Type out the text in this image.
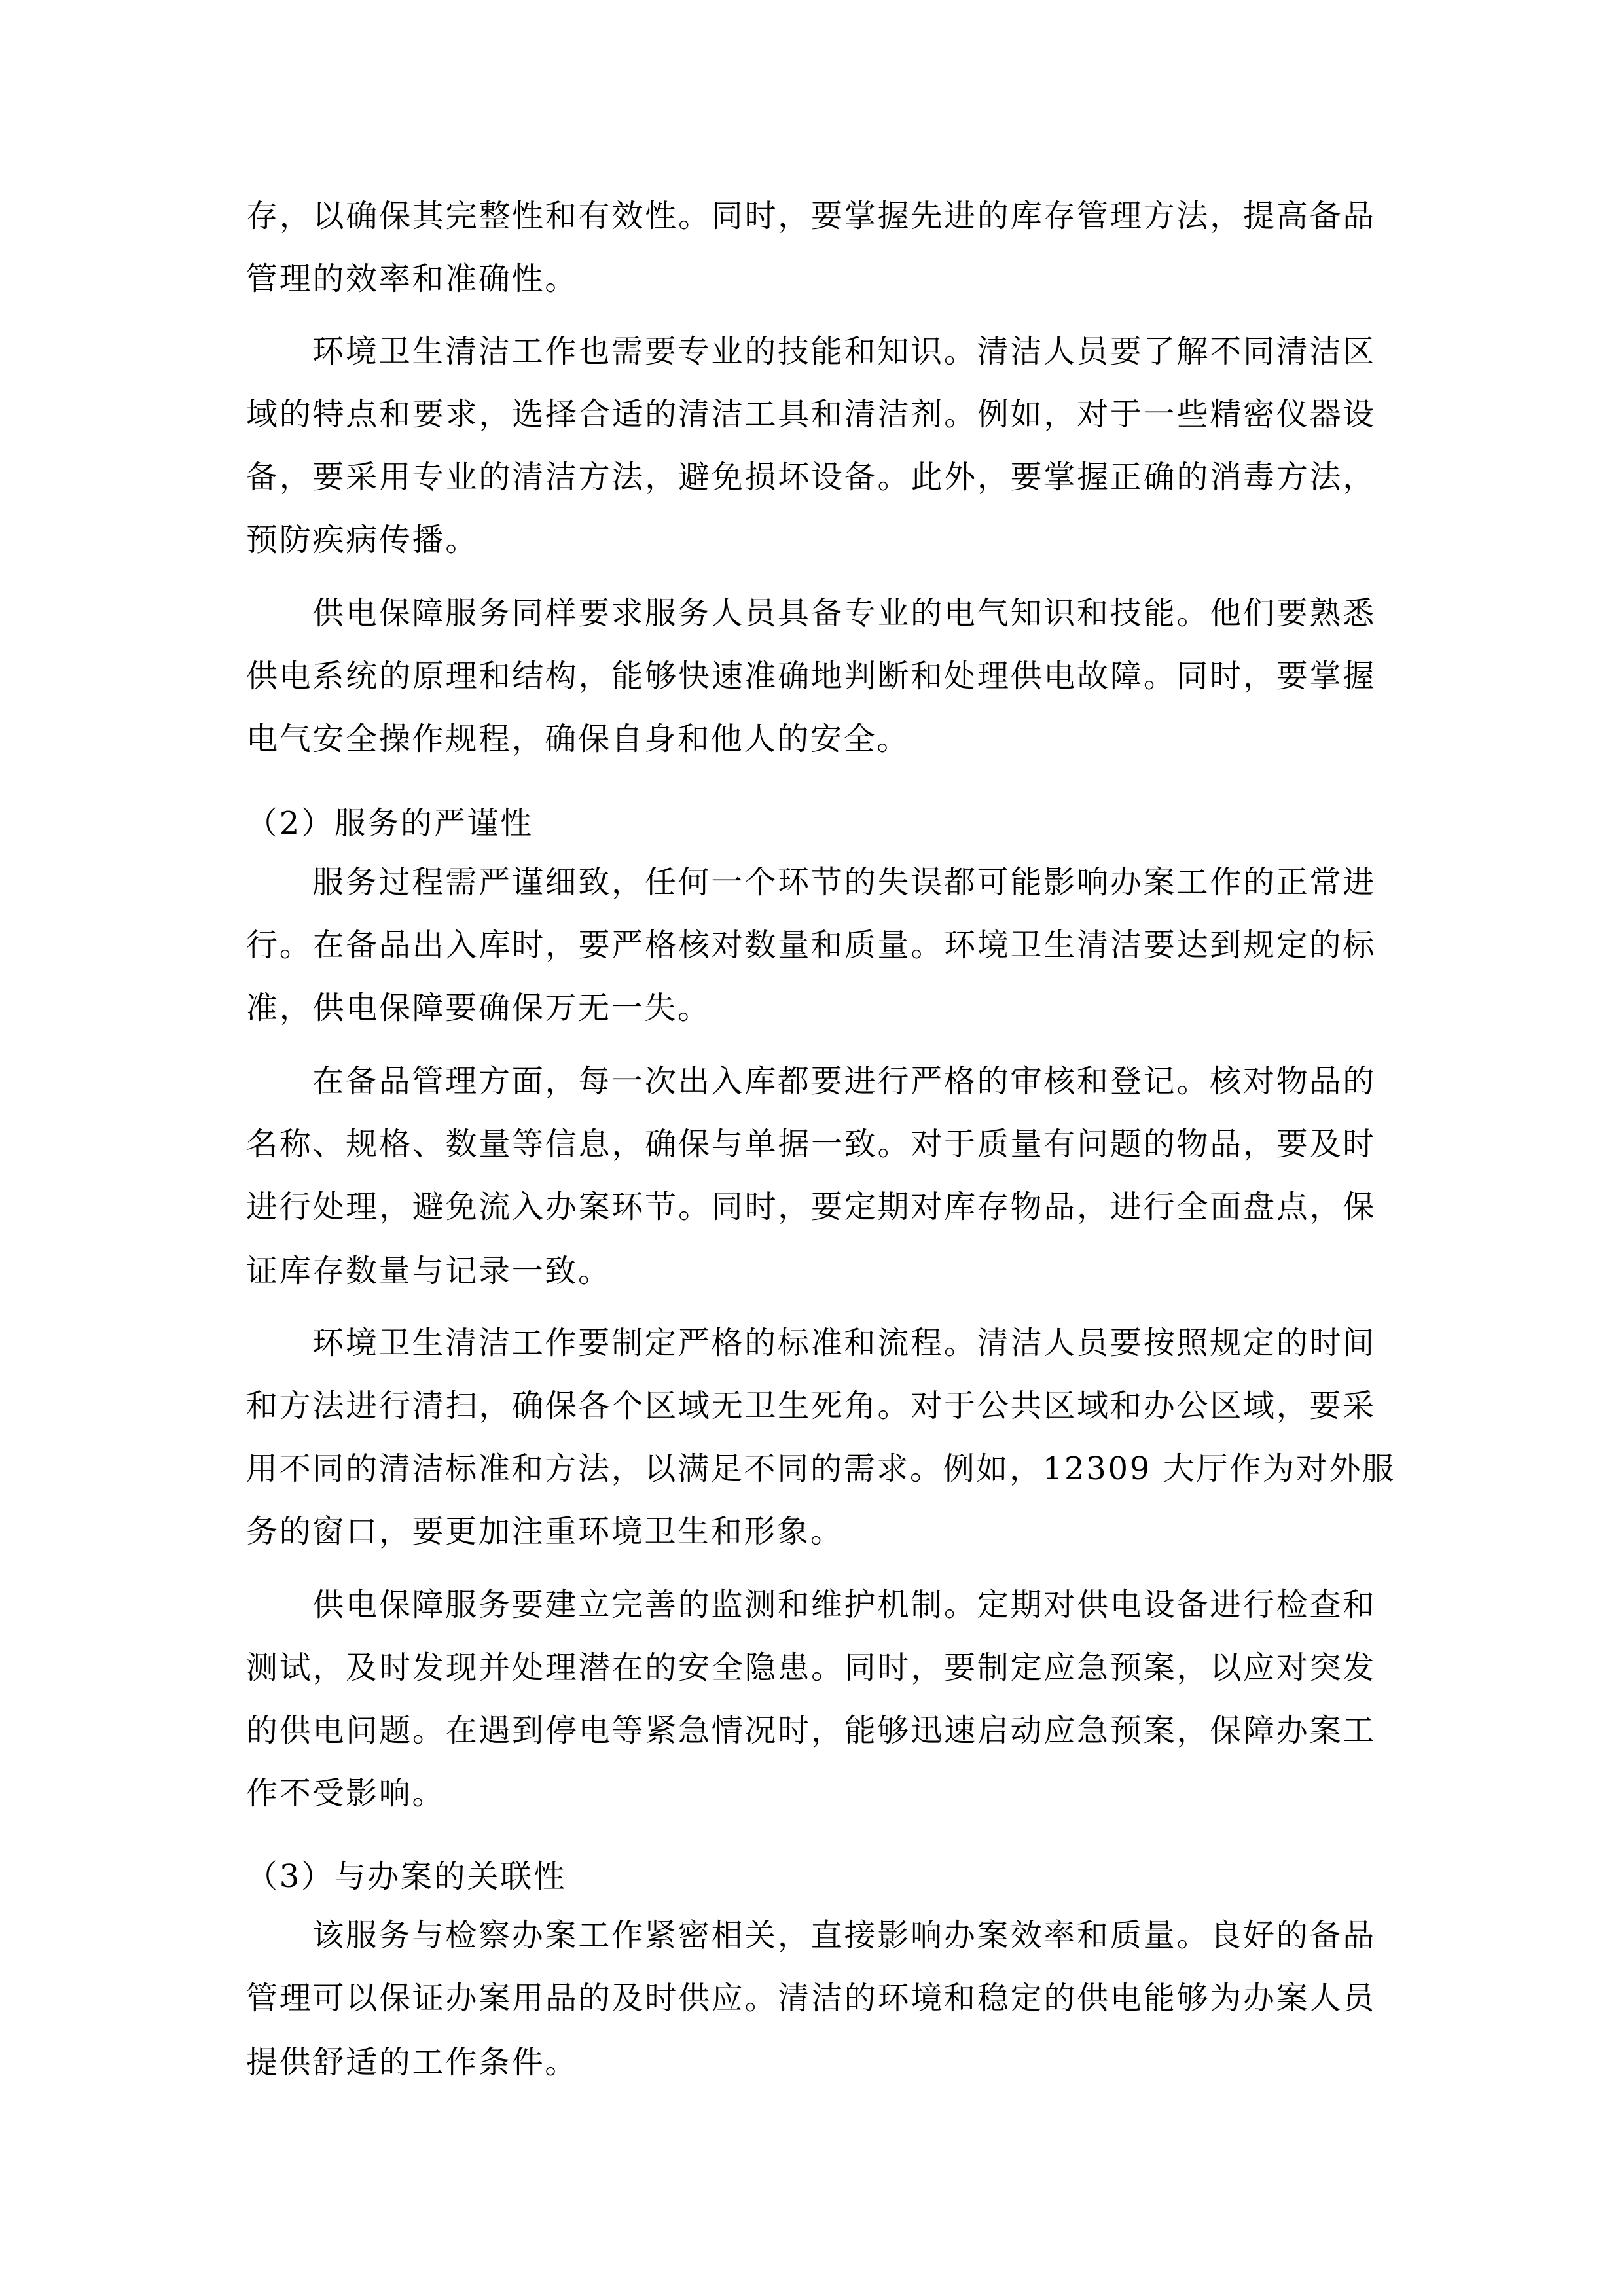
存，以确保其完整性和有效性。同时，要掌握先进的库存管理方法，提高备品
管理的效率和准确性。
环境卫生清洁工作也需要专业的技能和知识。清洁人员要了解不同清洁区
域的特点和要求，选择合适的清洁工具和清洁剂。例如，对于一些精密仪器设
备，要采用专业的清洁方法，避免损坏设备。此外，要掌握正确的消毒方法，
预防疾病传播。
供电保障服务同样要求服务人员具备专业的电气知识和技能。他们要熟悉
供电系统的原理和结构，能够快速准确地判断和处理供电故障。同时，要掌握
电气安全操作规程，确保自身和他人的安全。
（2）服务的严谨性
服务过程需严谨细致，任何一个环节的失误都可能影响办案工作的正常进
行。在备品出入库时，要严格核对数量和质量。环境卫生清洁要达到规定的标
准，供电保障要确保万无一失。
在备品管理方面，每一次出入库都要进行严格的审核和登记。核对物品的
名称、规格、数量等信息，确保与单据一致。对于质量有问题的物品，要及时
进行处理，避免流入办案环节。同时，要定期对库存物品，进行全面盘点，保
证库存数量与记录一致。
环境卫生清洁工作要制定严格的标准和流程。清洁人员要按照规定的时间
和方法进行清扫，确保各个区域无卫生死角。对于公共区域和办公区域，要采
用不同的清洁标准和方法，以满足不同的需求。例如，12309 大厅作为对外服
务的窗口，要更加注重环境卫生和形象。
供电保障服务要建立完善的监测和维护机制。定期对供电设备进行检查和
测试，及时发现并处理潜在的安全隐患。同时，要制定应急预案，以应对突发
的供电问题。在遇到停电等紧急情况时，能够迅速启动应急预案，保障办案工
作不受影响。
（3）与办案的关联性
该服务与检察办案工作紧密相关，直接影响办案效率和质量。良好的备品
管理可以保证办案用品的及时供应。清洁的环境和稳定的供电能够为办案人员
提供舒适的工作条件。
